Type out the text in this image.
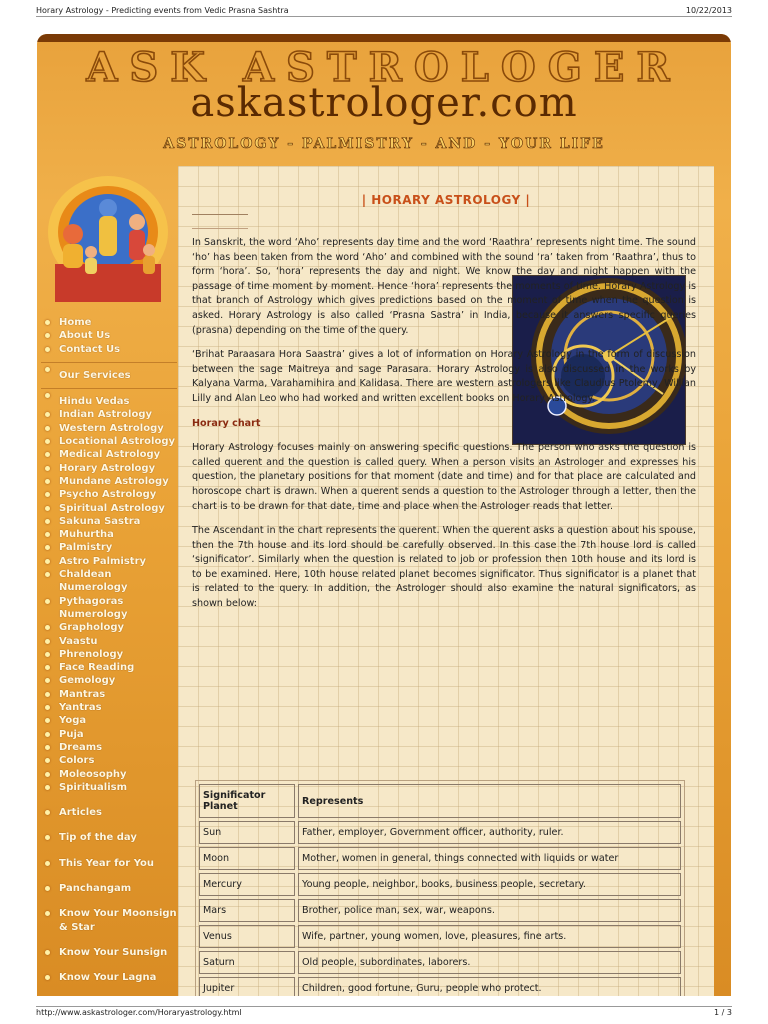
Horary Astrology - Predicting events from Vedic Prasna Sashtra	10/22/2013
ASK ASTROLOGER
askastrologer.com
ASTROLOGY - PALMISTRY - AND - YOUR LIFE
Home
About Us
Contact Us
Our Services
Hindu Vedas
Indian Astrology
Western Astrology
Locational Astrology
Medical Astrology
Horary Astrology
Mundane Astrology
Psycho Astrology
Spiritual Astrology
Sakuna Sastra
Muhurtha
Palmistry
Astro Palmistry
Chaldean Numerology
Pythagoras Numerology
Graphology
Vaastu
Phrenology
Face Reading
Gemology
Mantras
Yantras
Yoga
Puja
Dreams
Colors
Moleosophy
Spiritualism
Articles
Tip of the day
This Year for You
Panchangam
Know Your Moonsign & Star
Know Your Sunsign
Know Your Lagna
| HORARY ASTROLOGY |

In Sanskrit, the word ‘Aho’ represents day time and the word ‘Raathra’ represents night time. The sound ‘ho’ has been taken from the word ‘Aho’ and combined with the sound ‘ra’ taken from ‘Raathra’, thus to form ‘hora’. So, ‘hora’ represents the day and night. We know the day and night happen with the passage of time moment by moment. Hence ‘hora’ represents the moments of time. Horary Astrology is that branch of Astrology which gives predictions based on the moment of time when the question is asked. Horary Astrology is also called ‘Prasna Sastra’ in India, because it answers specific queries (prasna) depending on the time of the query.

‘Brihat Paraasara Hora Saastra’ gives a lot of information on Horary Astrology in the form of discussion between the sage Maitreya and sage Parasara. Horary Astrology is also discussed in the works by Kalyana Varma, Varahamihira and Kalidasa. There are western astrologers like Claudius Ptolemy, Willian Lilly and Alan Leo who had worked and written excellent books on Horary Astrology.

Horary chart

Horary Astrology focuses mainly on answering specific questions. The person who asks the question is called querent and the question is called query. When a person visits an Astrologer and expresses his question, the planetary positions for that moment (date and time) and for that place are calculated and horoscope chart is drawn. When a querent sends a question to the Astrologer through a letter, then the chart is to be drawn for that date, time and place when the Astrologer reads that letter.

The Ascendant in the chart represents the querent. When the querent asks a question about his spouse, then the 7th house and its lord should be carefully observed. In this case the 7th house lord is called ‘significator’. Similarly when the question is related to job or profession then 10th house and its lord is to be examined. Here, 10th house related planet becomes significator. Thus significator is a planet that is related to the query. In addition, the Astrologer should also examine the natural significators, as shown below:

Significator Planet	Represents
Sun	Father, employer, Government officer, authority, ruler.
Moon	Mother, women in general, things connected with liquids or water
Mercury	Young people, neighbor, books, business people, secretary.
Mars	Brother, police man, sex, war, weapons.
Venus	Wife, partner, young women, love, pleasures, fine arts.
Saturn	Old people, subordinates, laborers.
Jupiter	Children, good fortune, Guru, people who protect.

http://www.askastrologer.com/Horaryastrology.html	1 / 3
